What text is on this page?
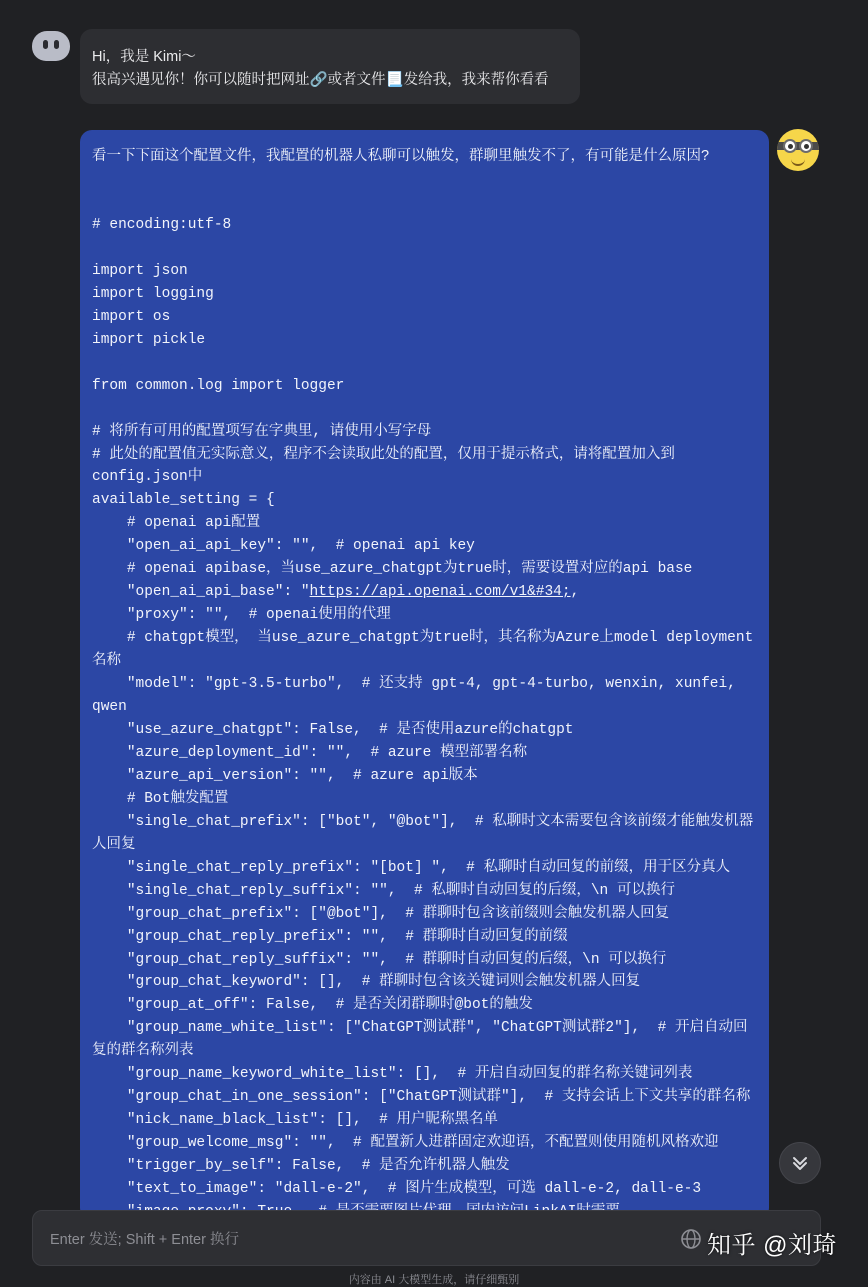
Hi，我是 Kimi～
很高兴遇见你！你可以随时把网址🔗或者文件📃发给我，我来帮你看看

看一下下面这个配置文件，我配置的机器人私聊可以触发，群聊里触发不了，有可能是什么原因?

# encoding:utf-8

import json
import logging
import os
import pickle

from common.log import logger

# 将所有可用的配置项写在字典里, 请使用小写字母
# 此处的配置值无实际意义，程序不会读取此处的配置，仅用于提示格式，请将配置加入到config.json中
available_setting = {
# openai api配置
"open_ai_api_key": "",  # openai api key
# openai apibase，当use_azure_chatgpt为true时，需要设置对应的api base
"open_ai_api_base": "https://api.openai.com/v1&#34;,
"proxy": "",  # openai使用的代理
# chatgpt模型， 当use_azure_chatgpt为true时，其名称为Azure上model deployment名称
"model": "gpt-3.5-turbo",  # 还支持 gpt-4, gpt-4-turbo, wenxin, xunfei, qwen
"use_azure_chatgpt": False,  # 是否使用azure的chatgpt
"azure_deployment_id": "",  # azure 模型部署名称
"azure_api_version": "",  # azure api版本
# Bot触发配置
"single_chat_prefix": ["bot", "@bot"],  # 私聊时文本需要包含该前缀才能触发机器人回复
"single_chat_reply_prefix": "[bot] ",  # 私聊时自动回复的前缀，用于区分真人
"single_chat_reply_suffix": "",  # 私聊时自动回复的后缀，\n 可以换行
"group_chat_prefix": ["@bot"],  # 群聊时包含该前缀则会触发机器人回复
"group_chat_reply_prefix": "",  # 群聊时自动回复的前缀
"group_chat_reply_suffix": "",  # 群聊时自动回复的后缀，\n 可以换行
"group_chat_keyword": [],  # 群聊时包含该关键词则会触发机器人回复
"group_at_off": False,  # 是否关闭群聊时@bot的触发
"group_name_white_list": ["ChatGPT测试群", "ChatGPT测试群2"],  # 开启自动回复的群名称列表
"group_name_keyword_white_list": [],  # 开启自动回复的群名称关键词列表
"group_chat_in_one_session": ["ChatGPT测试群"],  # 支持会话上下文共享的群名称
"nick_name_black_list": [],  # 用户昵称黑名单
"group_welcome_msg": "",  # 配置新人进群固定欢迎语，不配置则使用随机风格欢迎
"trigger_by_self": False,  # 是否允许机器人触发
"text_to_image": "dall-e-2",  # 图片生成模型，可选 dall-e-2, dall-e-3

Enter 发送; Shift + Enter 换行
知乎 @刘琦
内容由 AI 大模型生成，请仔细甄别
